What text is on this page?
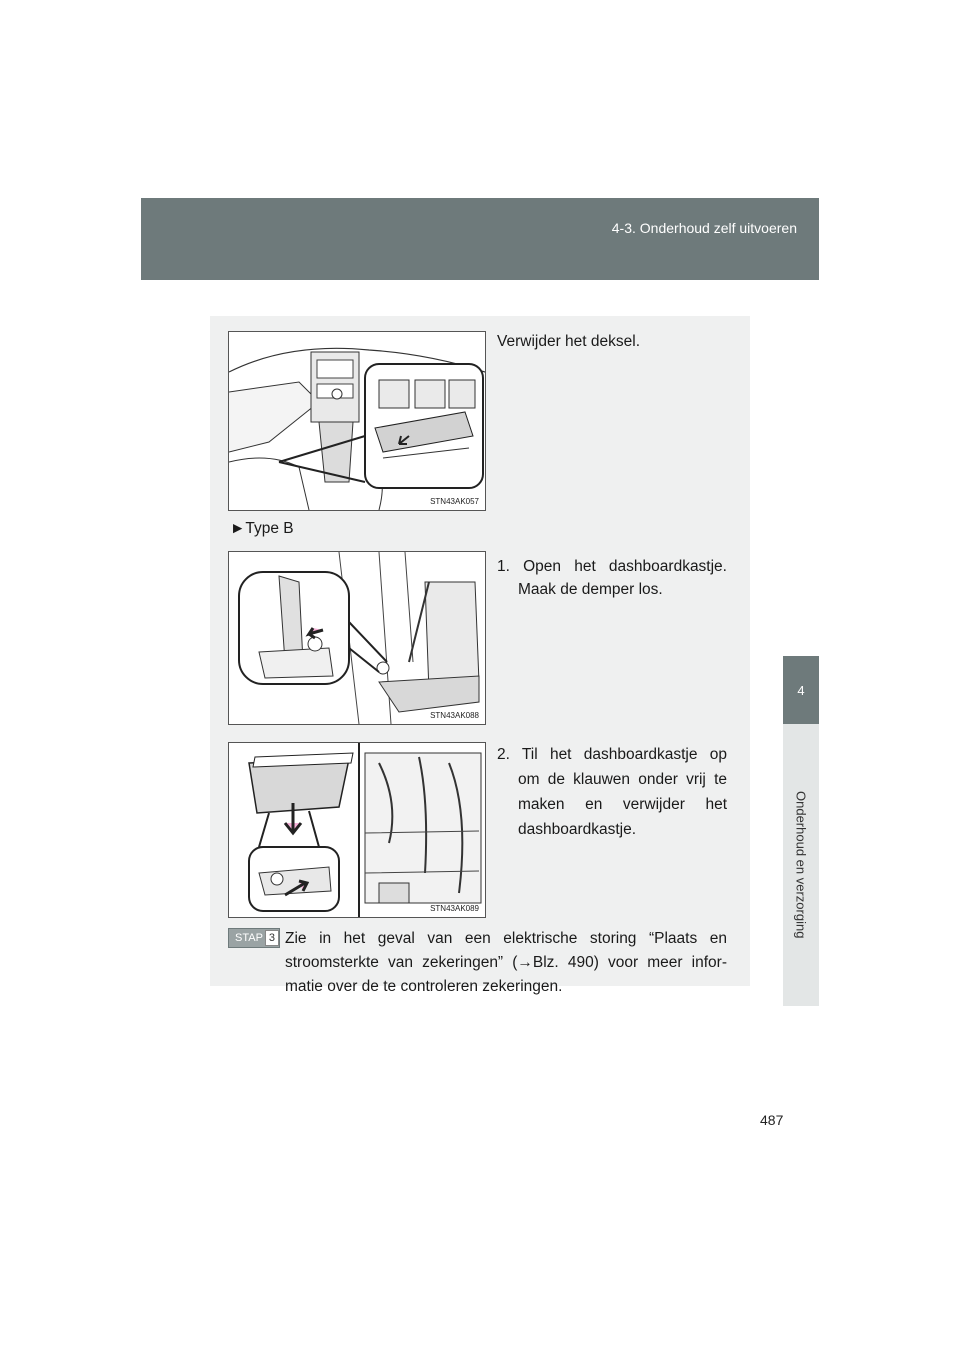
4-3. Onderhoud zelf uitvoeren
4
Onderhoud en verzorging
STN43AK057
Verwijder het deksel.
►Type B
STN43AK088
1. Open het dashboardkastje.
Maak de demper los.
STN43AK089
2. Til het dashboardkastje op
om de klauwen onder vrij te
maken en verwijder het
dashboardkastje.
STAP 3 Zie in het geval van een elektrische storing “Plaats en
stroomsterkte van zekeringen” (→Blz. 490) voor meer infor-
matie over de te controleren zekeringen.
487
